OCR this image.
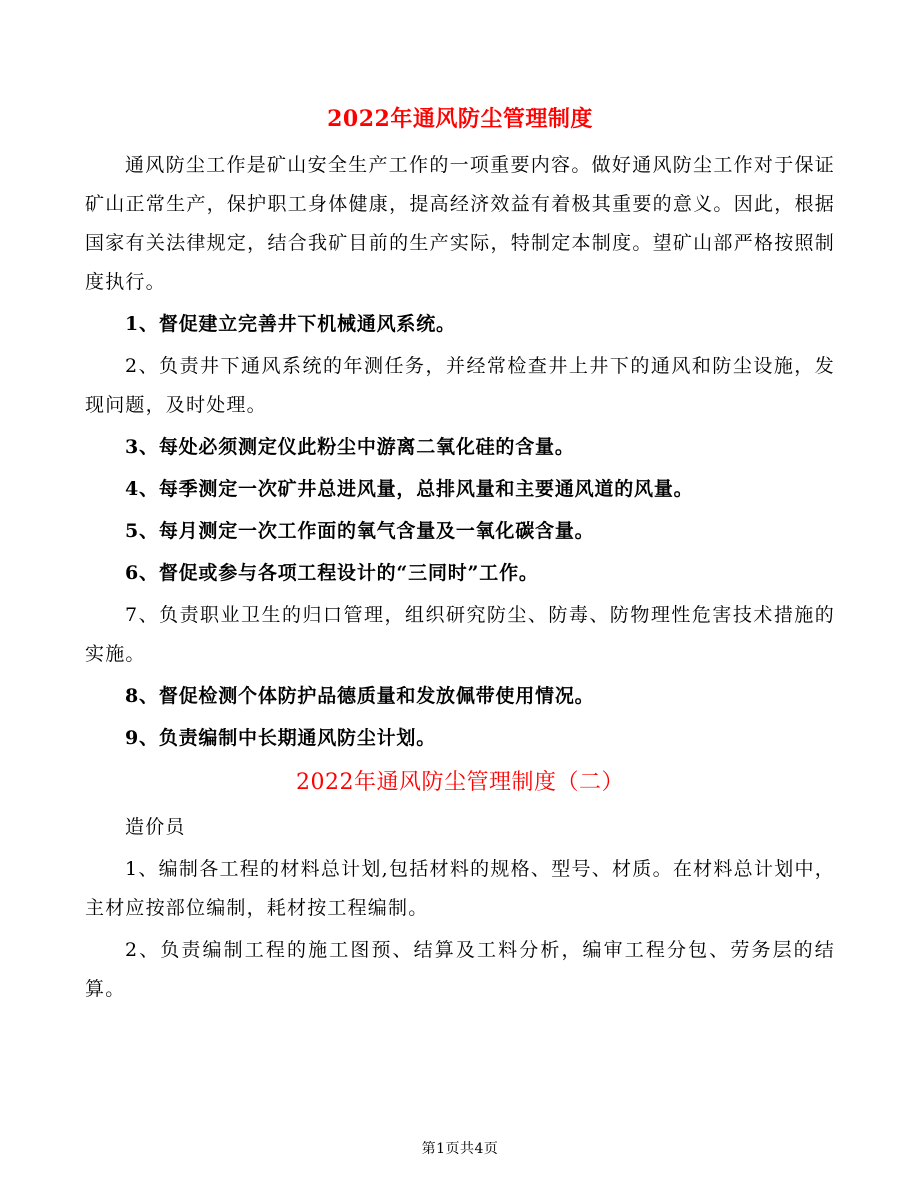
2022年通风防尘管理制度

通风防尘工作是矿山安全生产工作的一项重要内容。做好通风防尘工作对于保证矿山正常生产，保护职工身体健康，提高经济效益有着极其重要的意义。因此，根据国家有关法律规定，结合我矿目前的生产实际，特制定本制度。望矿山部严格按照制度执行。

1、督促建立完善井下机械通风系统。

2、负责井下通风系统的年测任务，并经常检查井上井下的通风和防尘设施，发现问题，及时处理。

3、每处必须测定仪此粉尘中游离二氧化硅的含量。

4、每季测定一次矿井总进风量，总排风量和主要通风道的风量。

5、每月测定一次工作面的氧气含量及一氧化碳含量。

6、督促或参与各项工程设计的“三同时”工作。

7、负责职业卫生的归口管理，组织研究防尘、防毒、防物理性危害技术措施的实施。

8、督促检测个体防护品德质量和发放佩带使用情况。

9、负责编制中长期通风防尘计划。

2022年通风防尘管理制度（二）

造价员

1、编制各工程的材料总计划,包括材料的规格、型号、材质。在材料总计划中，主材应按部位编制，耗材按工程编制。

2、负责编制工程的施工图预、结算及工料分析，编审工程分包、劳务层的结算。

第1页共4页
